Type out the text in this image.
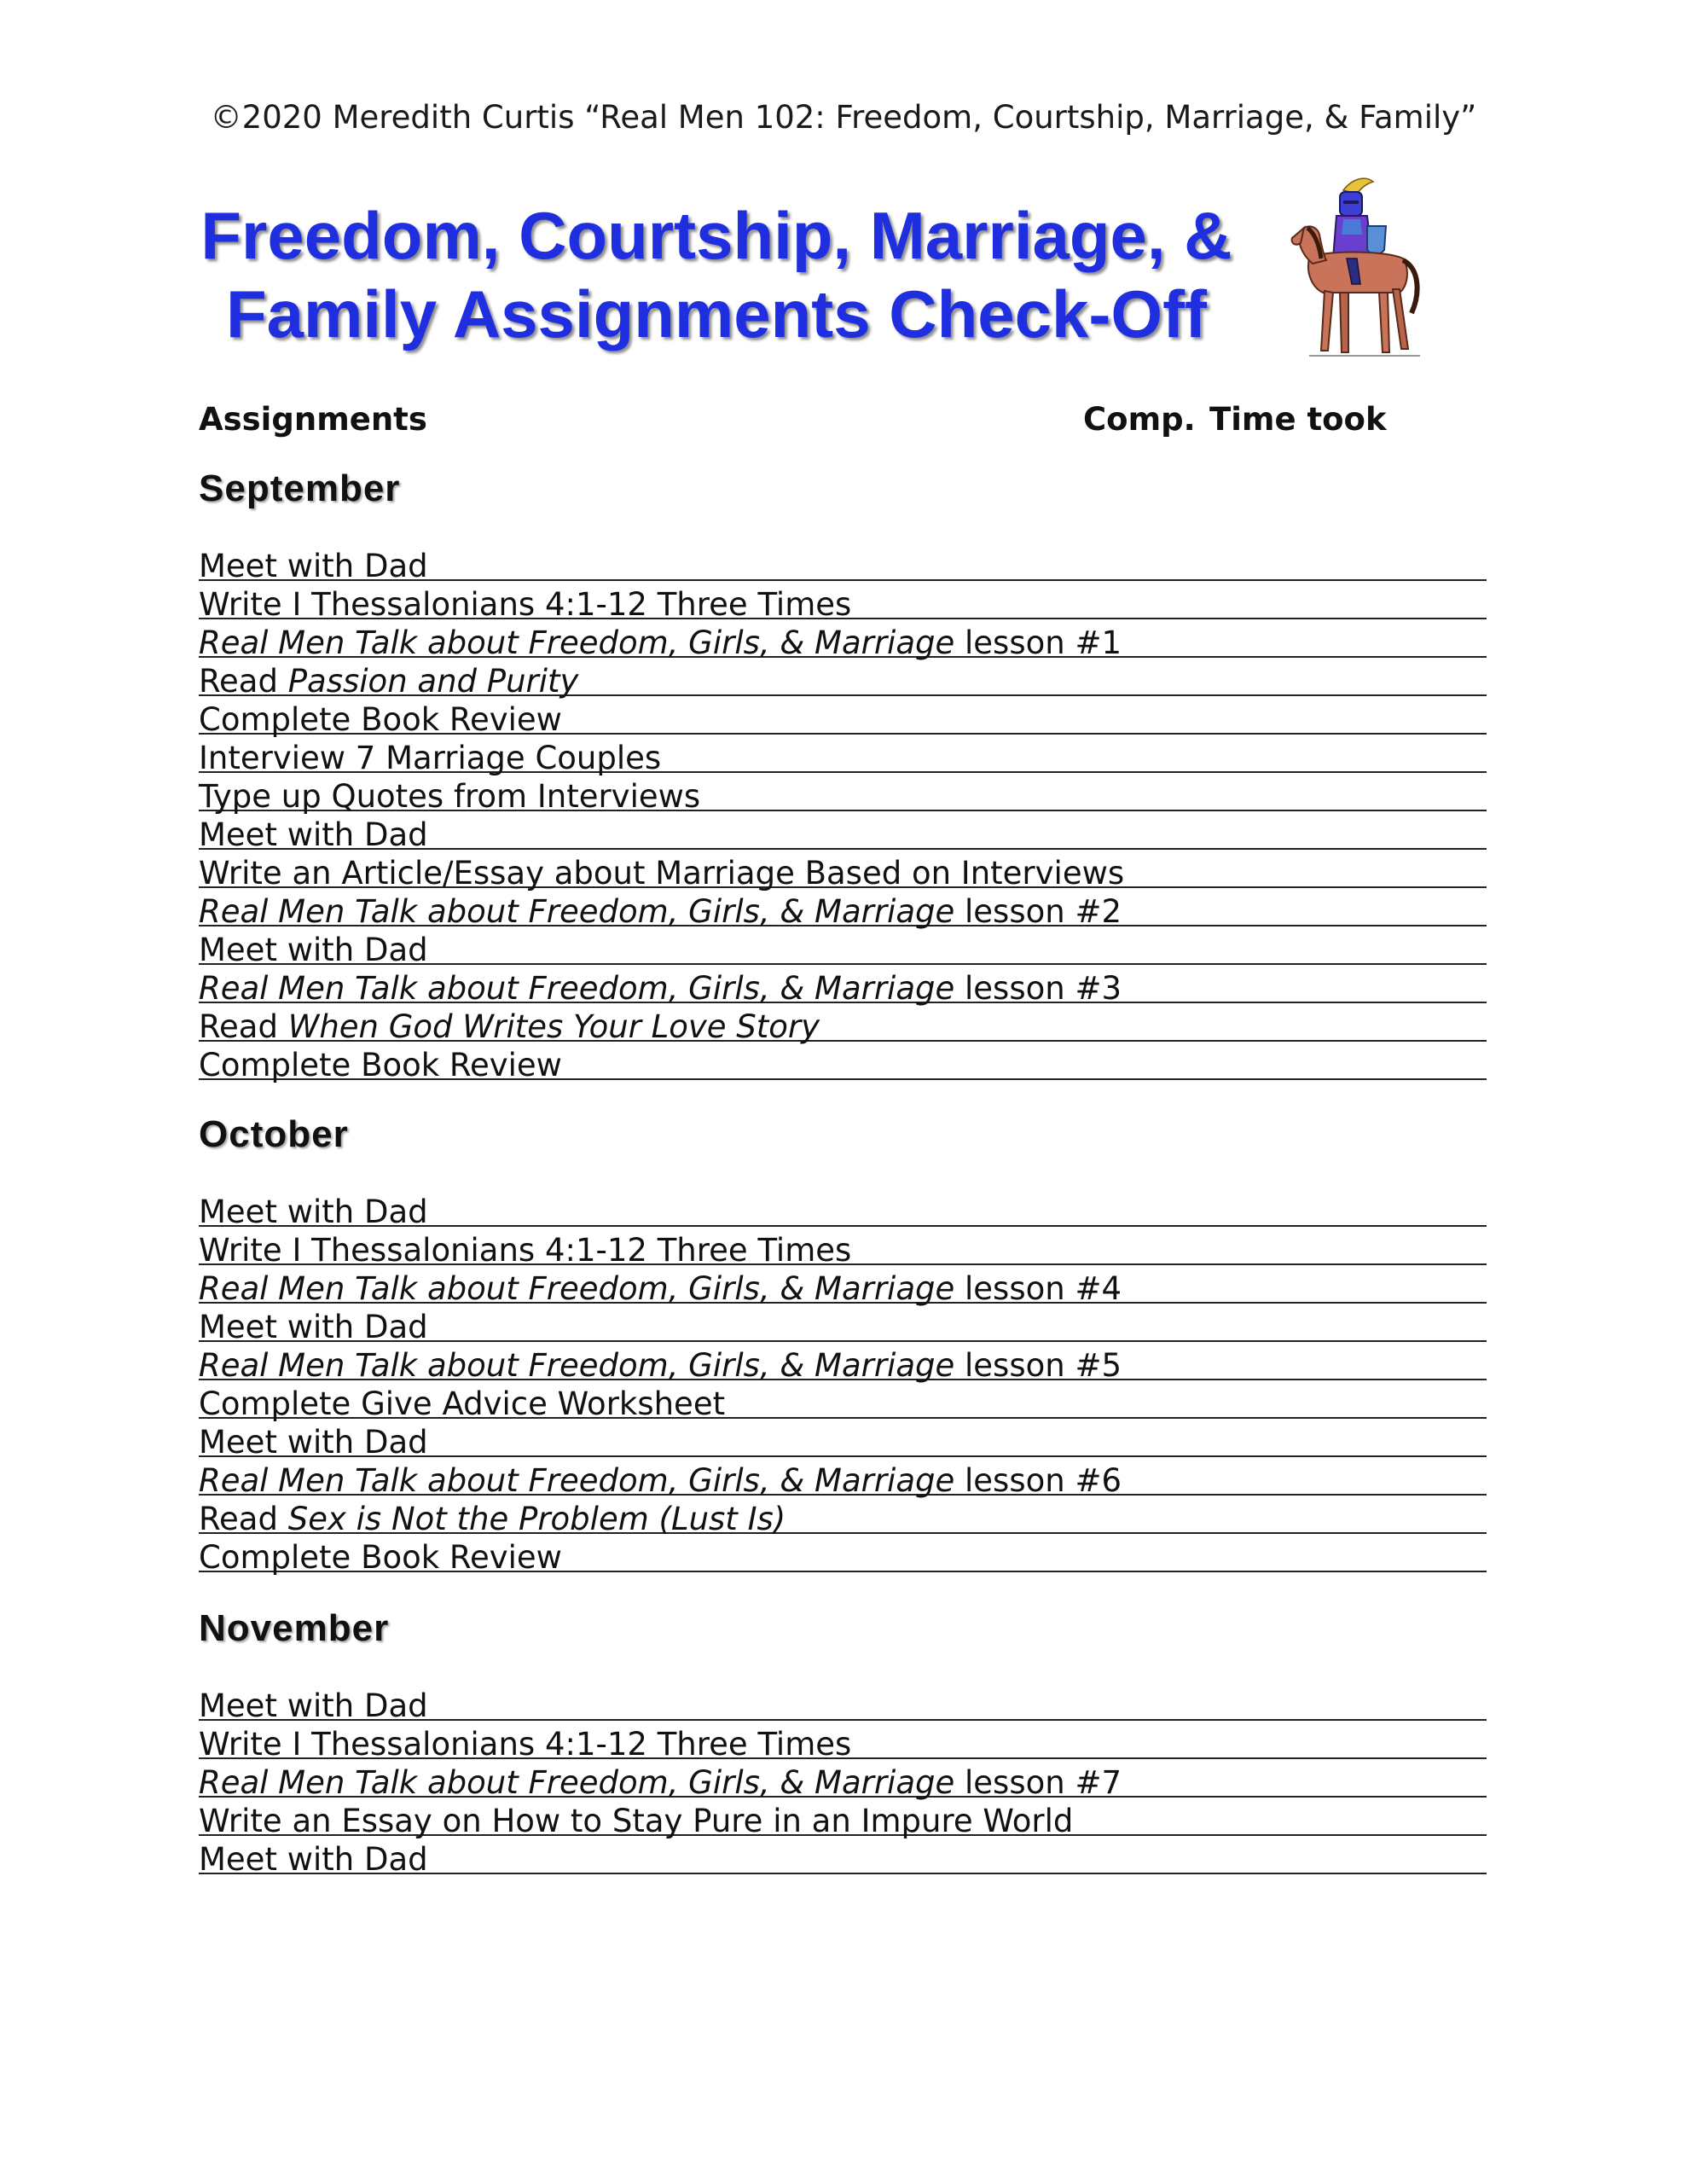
©2020 Meredith Curtis “Real Men 102: Freedom, Courtship, Marriage, & Family”
Freedom, Courtship, Marriage, &
Family Assignments Check-Off
Assignments	Comp. Time took
September
Meet with Dad
Write I Thessalonians 4:1-12 Three Times
Real Men Talk about Freedom, Girls, & Marriage lesson #1
Read Passion and Purity
Complete Book Review
Interview 7 Marriage Couples
Type up Quotes from Interviews
Meet with Dad
Write an Article/Essay about Marriage Based on Interviews
Real Men Talk about Freedom, Girls, & Marriage lesson #2
Meet with Dad
Real Men Talk about Freedom, Girls, & Marriage lesson #3
Read When God Writes Your Love Story
Complete Book Review
October
Meet with Dad
Write I Thessalonians 4:1-12 Three Times
Real Men Talk about Freedom, Girls, & Marriage lesson #4
Meet with Dad
Real Men Talk about Freedom, Girls, & Marriage lesson #5
Complete Give Advice Worksheet
Meet with Dad
Real Men Talk about Freedom, Girls, & Marriage lesson #6
Read Sex is Not the Problem (Lust Is)
Complete Book Review
November
Meet with Dad
Write I Thessalonians 4:1-12 Three Times
Real Men Talk about Freedom, Girls, & Marriage lesson #7
Write an Essay on How to Stay Pure in an Impure World
Meet with Dad
